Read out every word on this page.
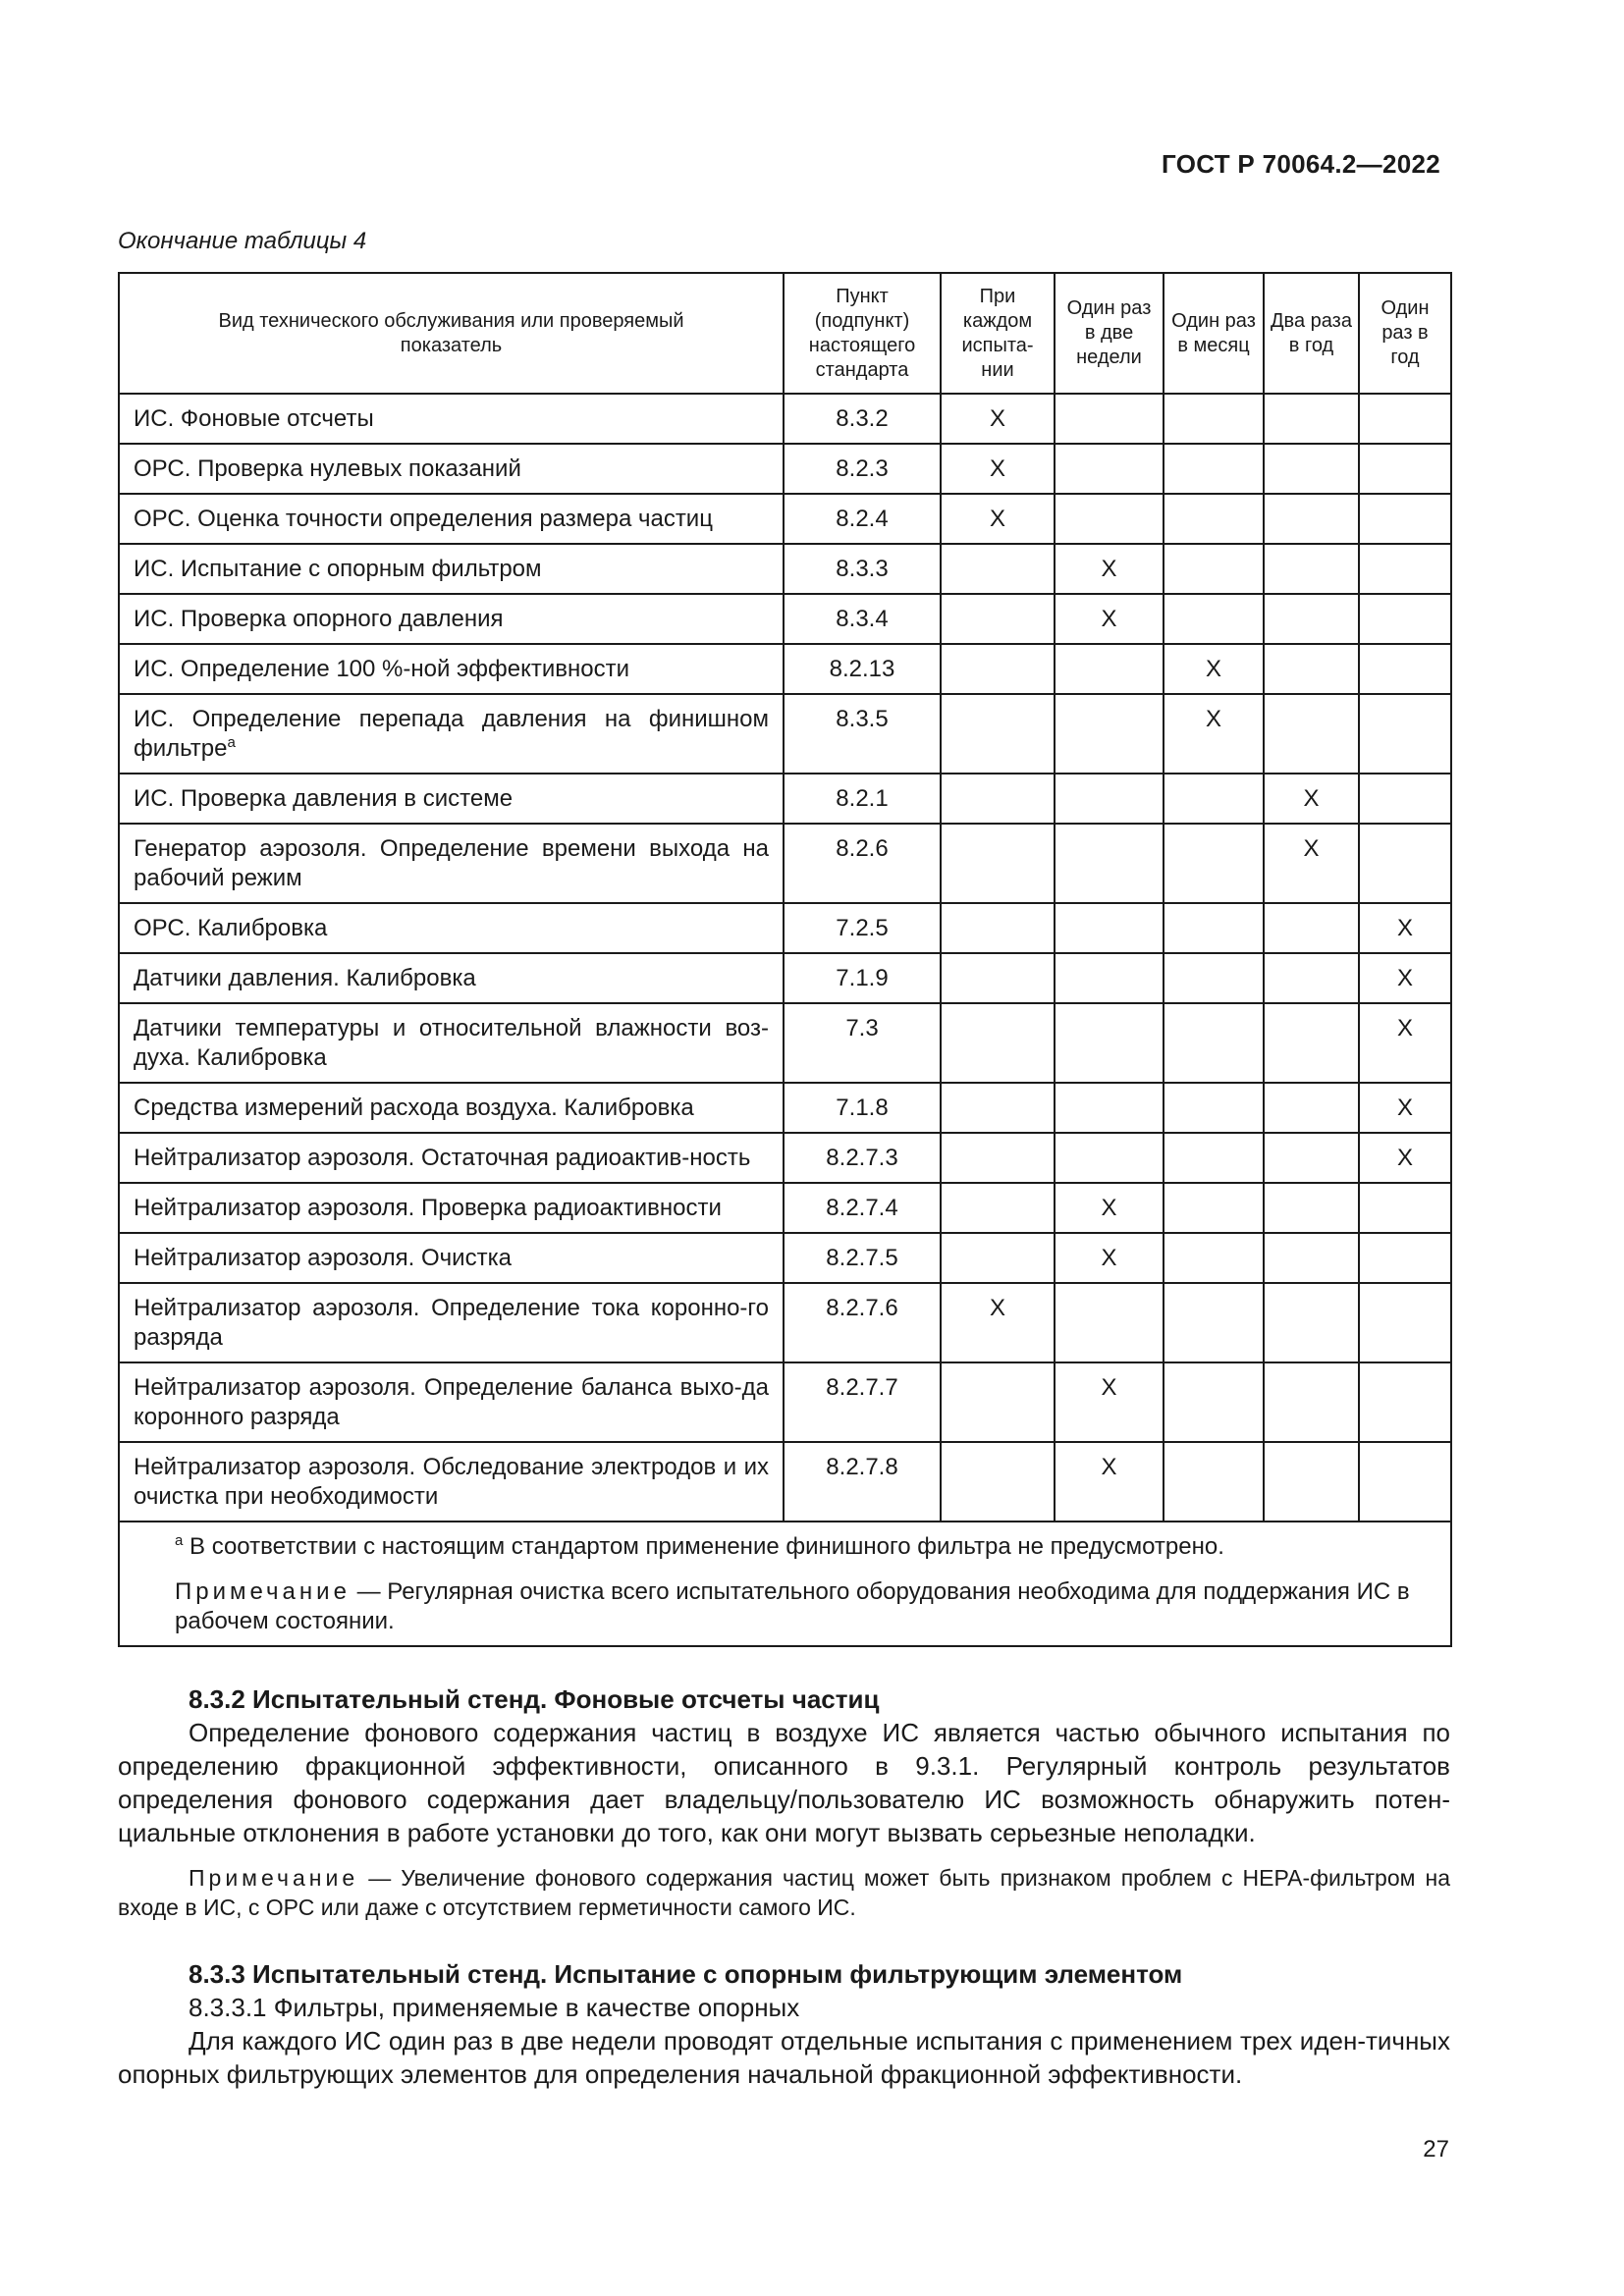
ГОСТ Р 70064.2—2022
Окончание таблицы 4
Вид технического обслуживания или проверяемый показатель	Пункт (подпункт) настоящего стандарта	При каждом испыта-нии	Один раз в две недели	Один раз в месяц	Два раза в год	Один раз в год
ИС. Фоновые отсчеты	8.3.2	X				
ОРС. Проверка нулевых показаний	8.2.3	X				
ОРС. Оценка точности определения размера частиц	8.2.4	X				
ИС. Испытание с опорным фильтром	8.3.3		X			
ИС. Проверка опорного давления	8.3.4		X			
ИС. Определение 100 %-ной эффективности	8.2.13			X		
ИС. Определение перепада давления на финишном фильтре$^a$	8.3.5			X		
ИС. Проверка давления в системе	8.2.1				X	
Генератор аэрозоля. Определение времени выхода на рабочий режим	8.2.6				X	
ОРС. Калибровка	7.2.5					X
Датчики давления. Калибровка	7.1.9					X
Датчики температуры и относительной влажности воз-духа. Калибровка	7.3					X
Средства измерений расхода воздуха. Калибровка	7.1.8					X
Нейтрализатор аэрозоля. Остаточная радиоактив-ность	8.2.7.3					X
Нейтрализатор аэрозоля. Проверка радиоактивности	8.2.7.4		X			
Нейтрализатор аэрозоля. Очистка	8.2.7.5		X			
Нейтрализатор аэрозоля. Определение тока коронно-го разряда	8.2.7.6	X				
Нейтрализатор аэрозоля. Определение баланса выхо-да коронного разряда	8.2.7.7		X			
Нейтрализатор аэрозоля. Обследование электродов и их очистка при необходимости	8.2.7.8		X			

$^a$ В соответствии с настоящим стандартом применение финишного фильтра не предусмотрено.
Примечание — Регулярная очистка всего испытательного оборудования необходима для поддержания ИС в рабочем состоянии.						
8.3.2 Испытательный стенд. Фоновые отсчеты частиц

Определение фонового содержания частиц в воздухе ИС является частью обычного испытания по определению фракционной эффективности, описанного в 9.3.1. Регулярный контроль результатов определения фонового содержания дает владельцу/пользователю ИС возможность обнаружить потен-циальные отклонения в работе установки до того, как они могут вызвать серьезные неполадки.

Примечание — Увеличение фонового содержания частиц может быть признаком проблем с HEPA-фильтром на входе в ИС, с ОРС или даже с отсутствием герметичности самого ИС.

8.3.3 Испытательный стенд. Испытание с опорным фильтрующим элементом

8.3.3.1 Фильтры, применяемые в качестве опорных

Для каждого ИС один раз в две недели проводят отдельные испытания с применением трех иден-тичных опорных фильтрующих элементов для определения начальной фракционной эффективности.

27
